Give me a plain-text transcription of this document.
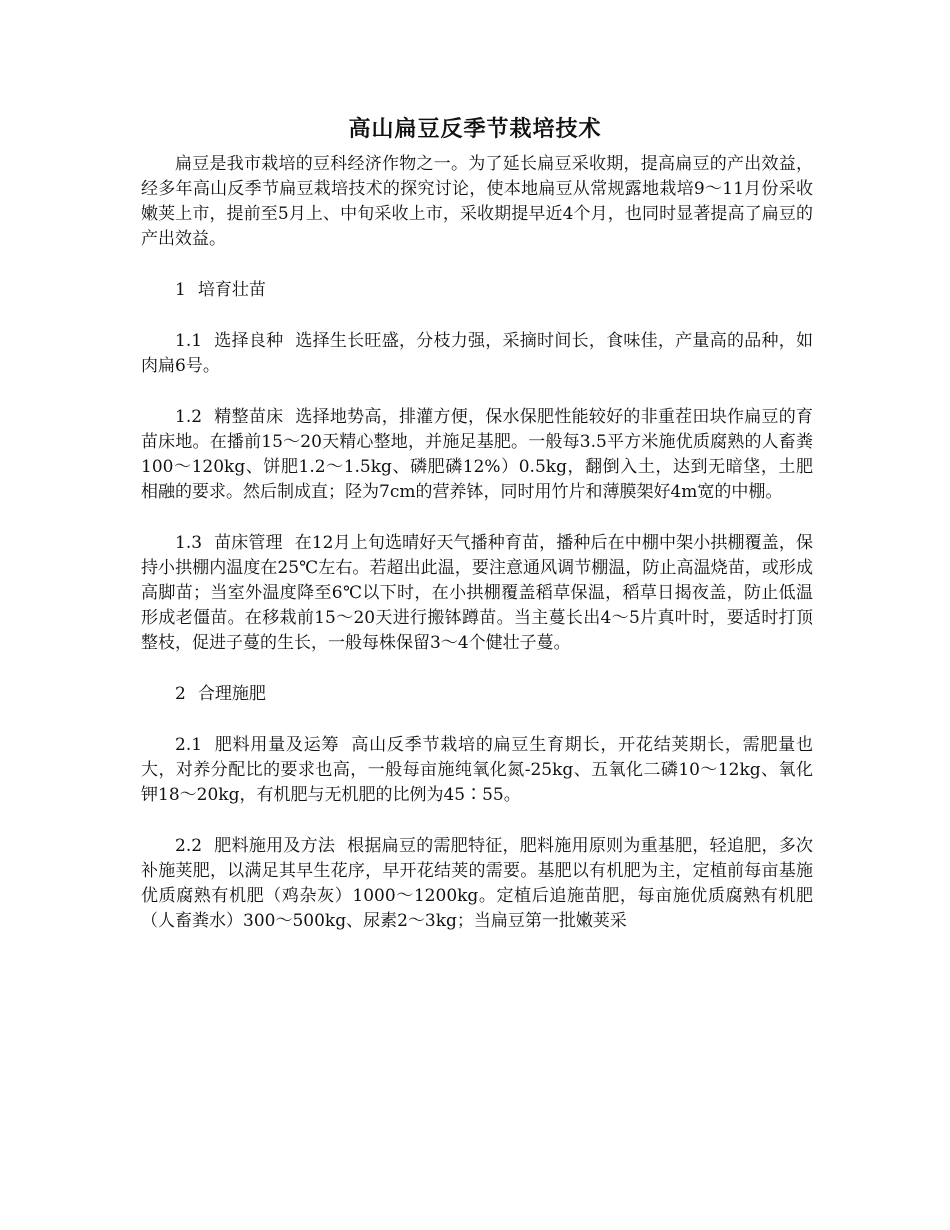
高山扁豆反季节栽培技术

扁豆是我市栽培的豆科经济作物之一。为了延长扁豆采收期，提高扁豆的产出效益，经多年高山反季节扁豆栽培技术的探究讨论，使本地扁豆从常规露地栽培9～11月份采收嫩荚上市，提前至5月上、中旬采收上市，采收期提早近4个月，也同时显著提高了扁豆的产出效益。

1 培育壮苗

1.1 选择良种 选择生长旺盛，分枝力强，采摘时间长，食味佳，产量高的品种，如肉扁6号。

1.2 精整苗床 选择地势高，排灌方便，保水保肥性能较好的非重茬田块作扁豆的育苗床地。在播前15～20天精心整地，并施足基肥。一般每3.5平方米施优质腐熟的人畜粪100～120kg、饼肥1.2～1.5kg、磷肥磷12%）0.5kg，翻倒入土，达到无暗垡，土肥相融的要求。然后制成直；陉为7cm的营养钵，同时用竹片和薄膜架好4m宽的中棚。

1.3 苗床管理 在12月上旬选晴好天气播种育苗，播种后在中棚中架小拱棚覆盖，保持小拱棚内温度在25℃左右。若超出此温，要注意通风调节棚温，防止高温烧苗，或形成高脚苗；当室外温度降至6℃以下时，在小拱棚覆盖稻草保温，稻草日揭夜盖，防止低温形成老僵苗。在移栽前15～20天进行搬钵蹲苗。当主蔓长出4～5片真叶时，要适时打顶整枝，促进子蔓的生长，一般每株保留3～4个健壮子蔓。

2 合理施肥

2.1 肥料用量及运筹 高山反季节栽培的扁豆生育期长，开花结荚期长，需肥量也大，对养分配比的要求也高，一般每亩施纯氧化氮-25kg、五氧化二磷10～12kg、氧化钾18～20kg，有机肥与无机肥的比例为45∶55。

2.2 肥料施用及方法 根据扁豆的需肥特征，肥料施用原则为重基肥，轻追肥，多次补施荚肥，以满足其早生花序，早开花结荚的需要。基肥以有机肥为主，定植前每亩基施优质腐熟有机肥（鸡杂灰）1000～1200kg。定植后追施苗肥，每亩施优质腐熟有机肥（人畜粪水）300～500kg、尿素2～3kg；当扁豆第一批嫩荚采
